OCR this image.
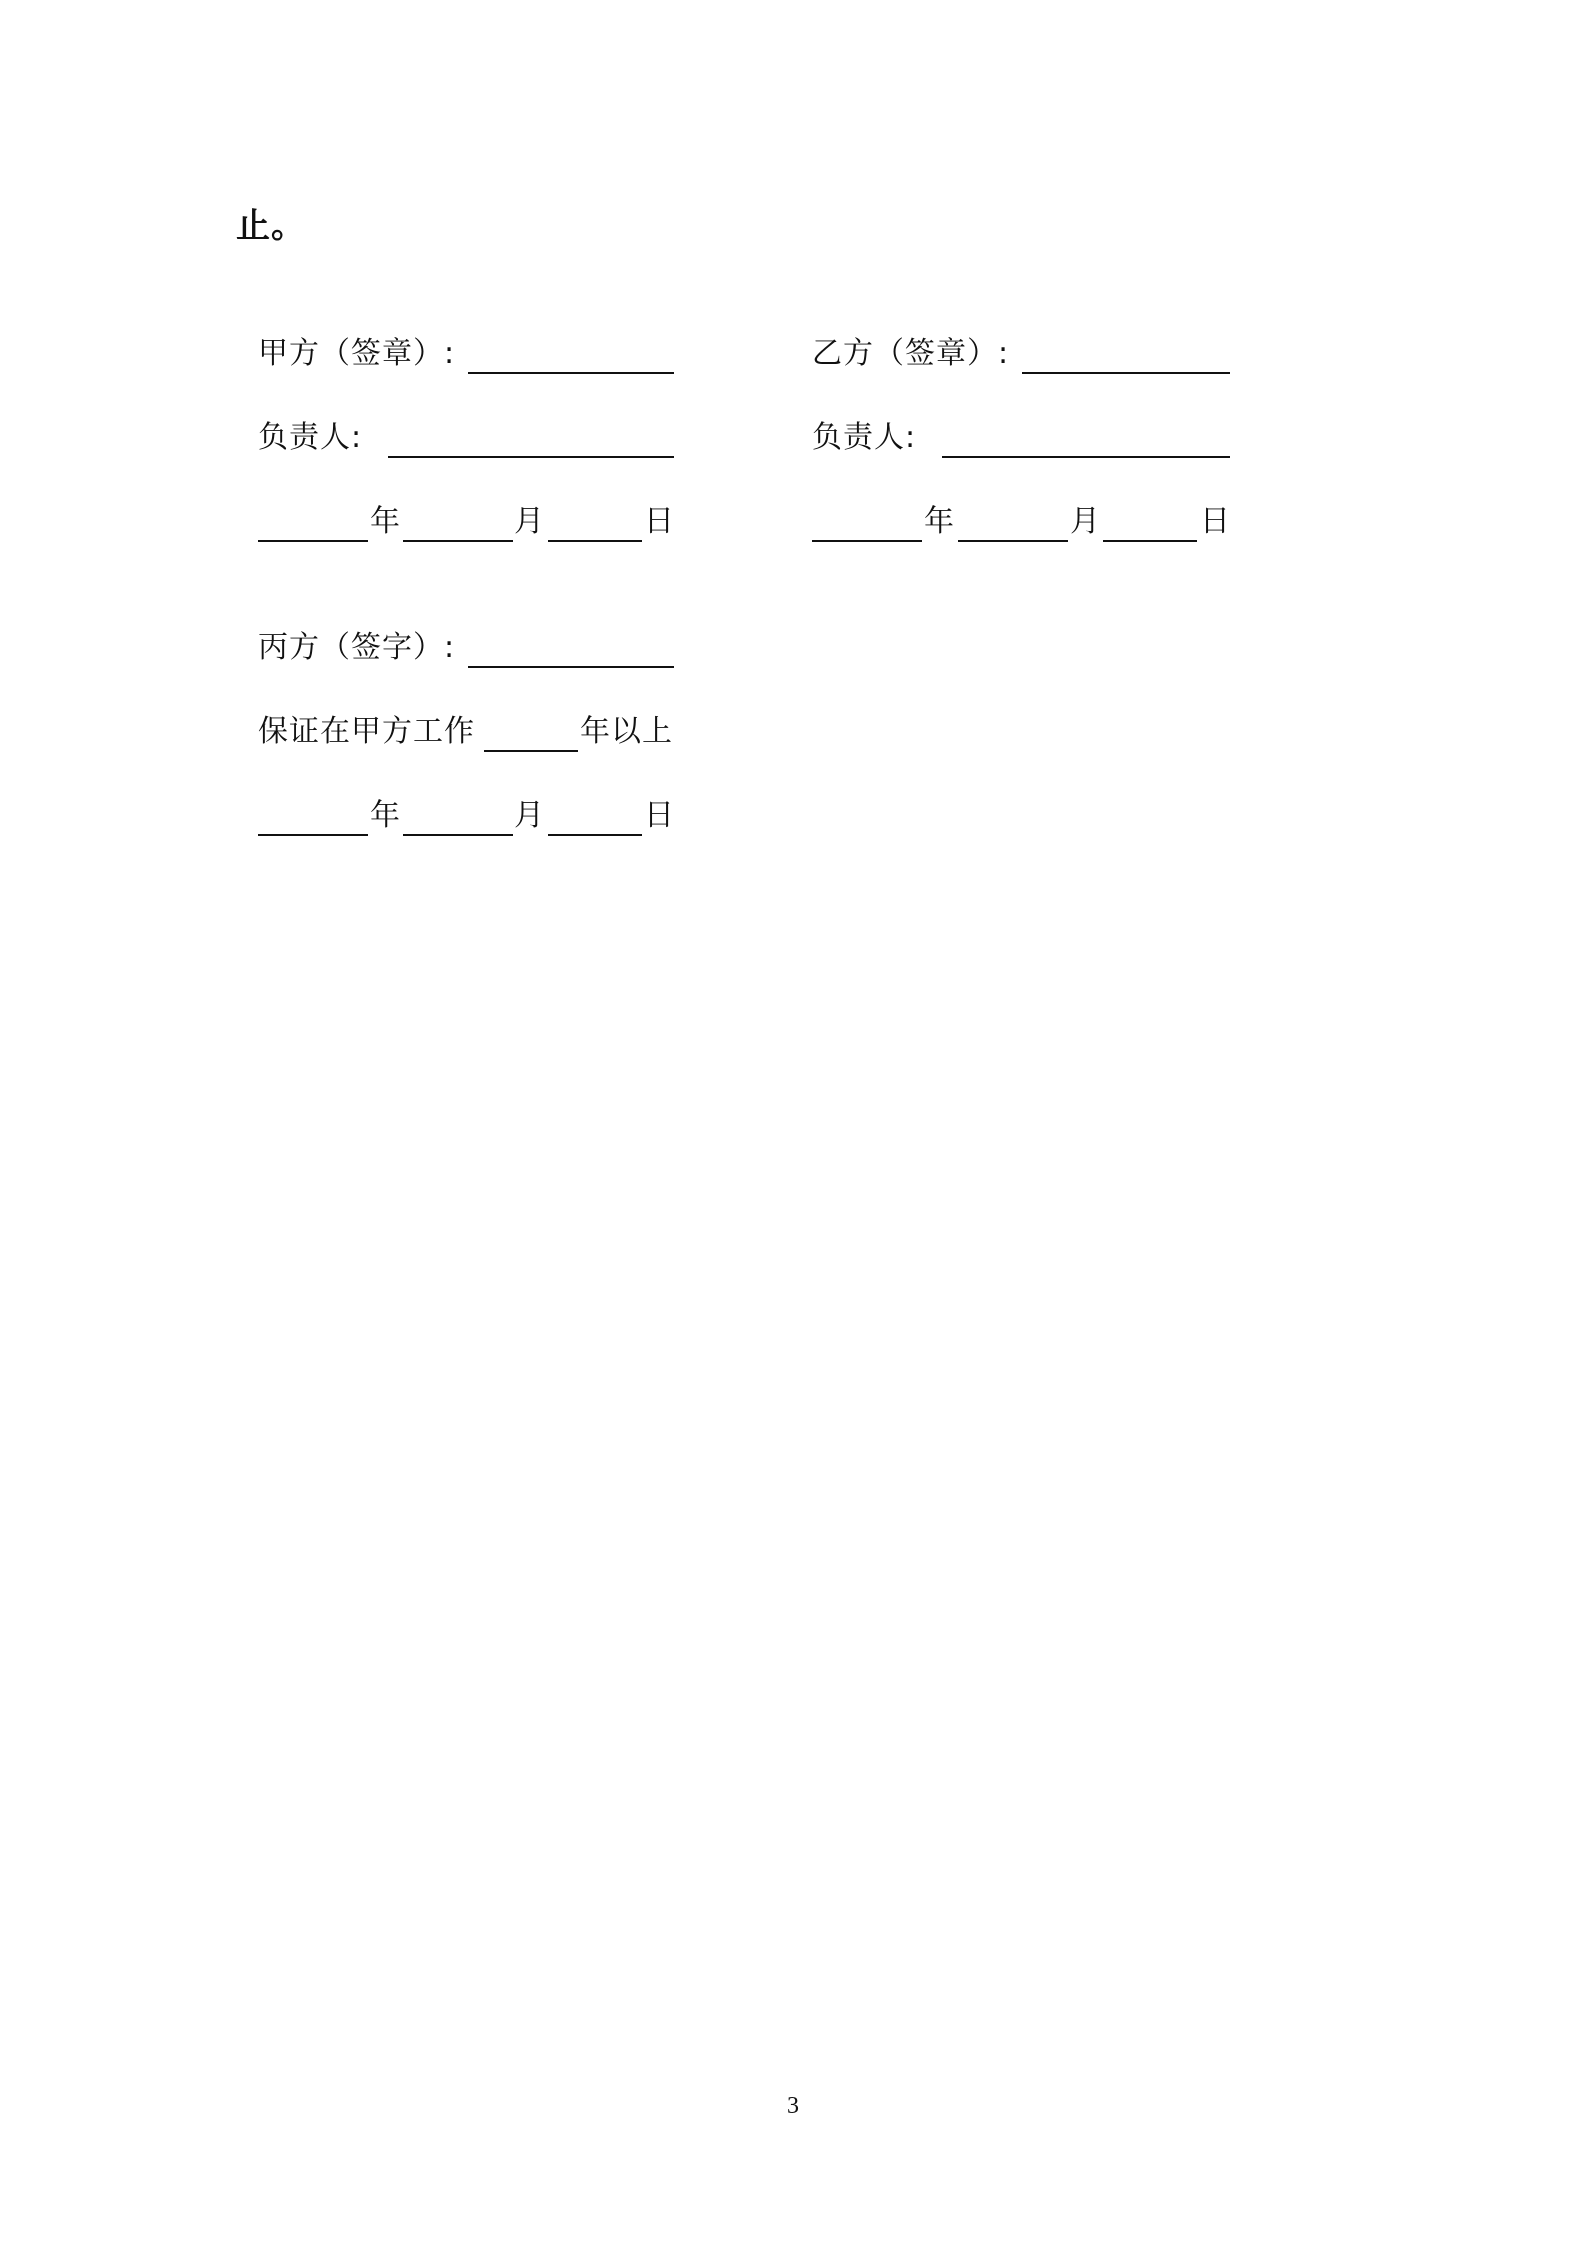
止。
甲方（签章）:
负责人:
年	月	日
乙方（签章）:
负责人:
年	月	日
丙方（签字）:
保证在甲方工作	年以上
年	月	日
3
